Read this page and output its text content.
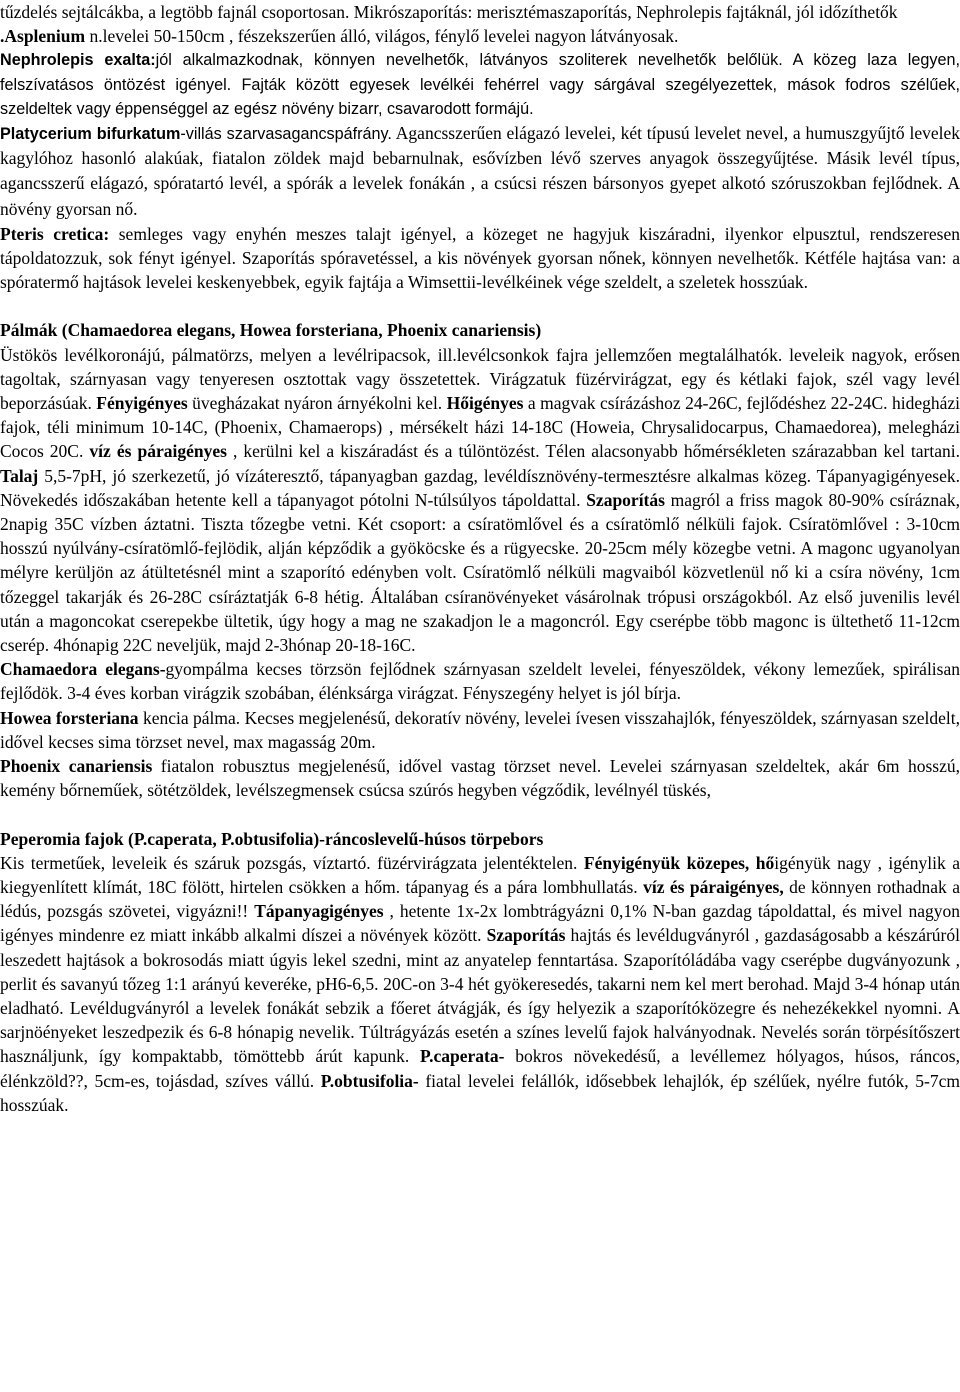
tűzdelés sejtálcákba, a legtöbb fajnál csoportosan. Mikrószaporítás: merisztémaszaporítás, Nephrolepis fajtáknál, jól időzíthetők
.Asplenium n.levelei 50-150cm , fészekszerűen álló, világos, fénylő levelei nagyon látványosak.

Nephrolepis exalta:jól alkalmazkodnak, könnyen nevelhetők, látványos szoliterek nevelhetők belőlük. A közeg laza legyen, felszívatásos öntözést igényel. Fajták között egyesek levélkéi fehérrel vagy sárgával szegélyezettek, mások fodros szélűek, szeldeltek vagy éppenséggel az egész növény bizarr, csavarodott formájú.
Platycerium bifurkatum-villás szarvasagancspáfrány. Agancsszerűen elágazó levelei, két típusú levelet nevel, a humuszgyűjtő levelek kagylóhoz hasonló alakúak, fiatalon zöldek majd bebarnulnak, esővízben lévő szerves anyagok összegyűjtése. Másik levél típus, agancsszerű elágazó, spóratartó levél, a spórák a levelek fonákán , a csúcsi részen bársonyos gyepet alkotó szóruszokban fejlődnek. A növény gyorsan nő.

Pteris cretica: semleges vagy enyhén meszes talajt igényel, a közeget ne hagyjuk kiszáradni, ilyenkor elpusztul, rendszeresen tápoldatozzuk, sok fényt igényel. Szaporítás spóravetéssel, a kis növények gyorsan nőnek, könnyen nevelhetők. Kétféle hajtása van: a spóratermő hajtások levelei keskenyebbek, egyik fajtája a Wimsettii-levélkéinek vége szeldelt, a szeletek hosszúak.

Pálmák (Chamaedorea elegans, Howea forsteriana, Phoenix canariensis)

Üstökös levélkoronájú, pálmatörzs, melyen a levélripacsok, ill.levélcsonkok fajra jellemzően megtalálhatók. leveleik nagyok, erősen tagoltak, szárnyasan vagy tenyeresen osztottak vagy összetettek. Virágzatuk füzérvirágzat, egy és kétlaki fajok, szél vagy levél beporzásúak. Fényigényes üvegházakat nyáron árnyékolni kel. Hőigényes a magvak csírázáshoz 24-26C, fejlődéshez 22-24C. hidegházi fajok, téli minimum 10-14C, (Phoenix, Chamaerops) , mérsékelt házi 14-18C (Howeia, Chrysalidocarpus, Chamaedorea), melegházi Cocos 20C. víz és páraigényes , kerülni kel a kiszáradást és a túlöntözést. Télen alacsonyabb hőmérsékleten szárazabban kel tartani. Talaj 5,5-7pH, jó szerkezetű, jó vízáteresztő, tápanyagban gazdag, levéldísznövény-termesztésre alkalmas közeg. Tápanyagigényesek. Növekedés időszakában hetente kell a tápanyagot pótolni N-túlsúlyos tápoldattal. Szaporítás magról a friss magok 80-90% csíráznak, 2napig 35C vízben áztatni. Tiszta tőzegbe vetni. Két csoport: a csíratömlővel és a csíratömlő nélküli fajok. Csíratömlővel : 3-10cm hosszú nyúlvány-csíratömlő-fejlödik, alján képződik a gyököcske és a rügyecske. 20-25cm mély közegbe vetni. A magonc ugyanolyan mélyre kerüljön az átültetésnél mint a szaporító edényben volt. Csíratömlő nélküli magvaiból közvetlenül nő ki a csíra növény, 1cm tőzeggel takarják és 26-28C csíráztatják 6-8 hétig. Általában csíranövényeket vásárolnak trópusi országokból. Az első juvenilis levél után a magoncokat cserepekbe ültetik, úgy hogy a mag ne szakadjon le a magoncról. Egy cserépbe több magonc is ültethető 11-12cm cserép. 4hónapig 22C neveljük, majd 2-3hónap 20-18-16C.

Chamaedora elegans-gyompálma kecses törzsön fejlődnek szárnyasan szeldelt levelei, fényeszöldek, vékony lemezűek, spirálisan fejlődök. 3-4 éves korban virágzik szobában, élénksárga virágzat. Fényszegény helyet is jól bírja.

Howea forsteriana kencia pálma. Kecses megjelenésű, dekoratív növény, levelei ívesen visszahajlók, fényeszöldek, szárnyasan szeldelt, idővel kecses sima törzset nevel, max magasság 20m.

Phoenix canariensis fiatalon robusztus megjelenésű, idővel vastag törzset nevel. Levelei szárnyasan szeldeltek, akár 6m hosszú, kemény bőrneműek, sötétzöldek, levélszegmensek csúcsa szúrós hegyben végződik, levélnyél tüskés,

Peperomia fajok (P.caperata, P.obtusifolia)-ráncoslevelű-húsos törpebors

Kis termetűek, leveleik és száruk pozsgás, víztartó. füzérvirágzata jelentéktelen. Fényigényük közepes, hőigényük nagy , igénylik a kiegyenlített klímát, 18C fölött, hirtelen csökken a hőm. tápanyag és a pára lombhullatás. víz és páraigényes, de könnyen rothadnak a lédús, pozsgás szövetei, vigyázni!! Tápanyagigényes , hetente 1x-2x lombtrágyázni 0,1% N-ban gazdag tápoldattal, és mivel nagyon igényes mindenre ez miatt inkább alkalmi díszei a növények között. Szaporítás hajtás és levéldugványról , gazdaságosabb a készárúról leszedett hajtások a bokrosodás miatt úgyis lekel szedni, mint az anyatelep fenntartása. Szaporítóládába vagy cserépbe dugványozunk , perlit és savanyú tőzeg 1:1 arányú keveréke, pH6-6,5. 20C-on 3-4 hét gyökeresedés, takarni nem kel mert berohad. Majd 3-4 hónap után eladható. Levéldugványról a levelek fonákát sebzik a főeret átvágják, és így helyezik a szaporítóközegre és nehezékekkel nyomni. A sarjnöényeket leszedpezik és 6-8 hónapig nevelik. Túltrágyázás esetén a színes levelű fajok halványodnak. Nevelés során törpésítőszert használjunk, így kompaktabb, tömöttebb árút kapunk. P.caperata- bokros növekedésű, a levéllemez hólyagos, húsos, ráncos, élénkzöld??, 5cm-es, tojásdad, szíves vállú. P.obtusifolia- fiatal levelei felállók, idősebbek lehajlók, ép szélűek, nyélre futók, 5-7cm hosszúak.
